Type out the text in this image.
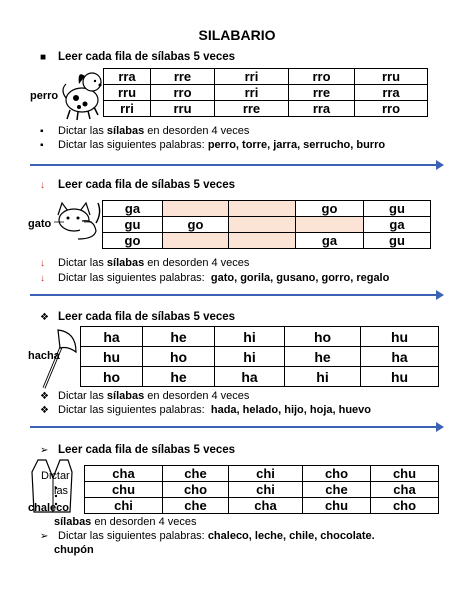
SILABARIO
■ Leer cada fila de sílabas 5 veces
perro
rra	rre	rri	rro	rru
rru	rro	rri	rre	rra
rri	rru	rre	rra	rro
▪ Dictar las sílabas en desorden 4 veces
▪ Dictar las siguientes palabras: perro, torre, jarra, serrucho, burro
↓ Leer cada fila de sílabas 5 veces
gato
ga			go	gu
gu	go			ga
go			ga	gu
↓ Dictar las sílabas en desorden 4 veces
↓ Dictar las siguientes palabras: gato, gorila, gusano, gorro, regalo
❖ Leer cada fila de sílabas 5 veces
hacha
ha	he	hi	ho	hu
hu	ho	hi	he	ha
ho	he	ha	hi	hu
❖ Dictar las sílabas en desorden 4 veces
❖ Dictar las siguientes palabras: hada, helado, hijo, hoja, huevo
➢ Leer cada fila de sílabas 5 veces
Dictar
las
chaleco
cha	che	chi	cho	chu
chu	cho	chi	che	cha
chi	che	cha	chu	cho
sílabas en desorden 4 veces
➢ Dictar las siguientes palabras: chaleco, leche, chile, chocolate.
chupón
